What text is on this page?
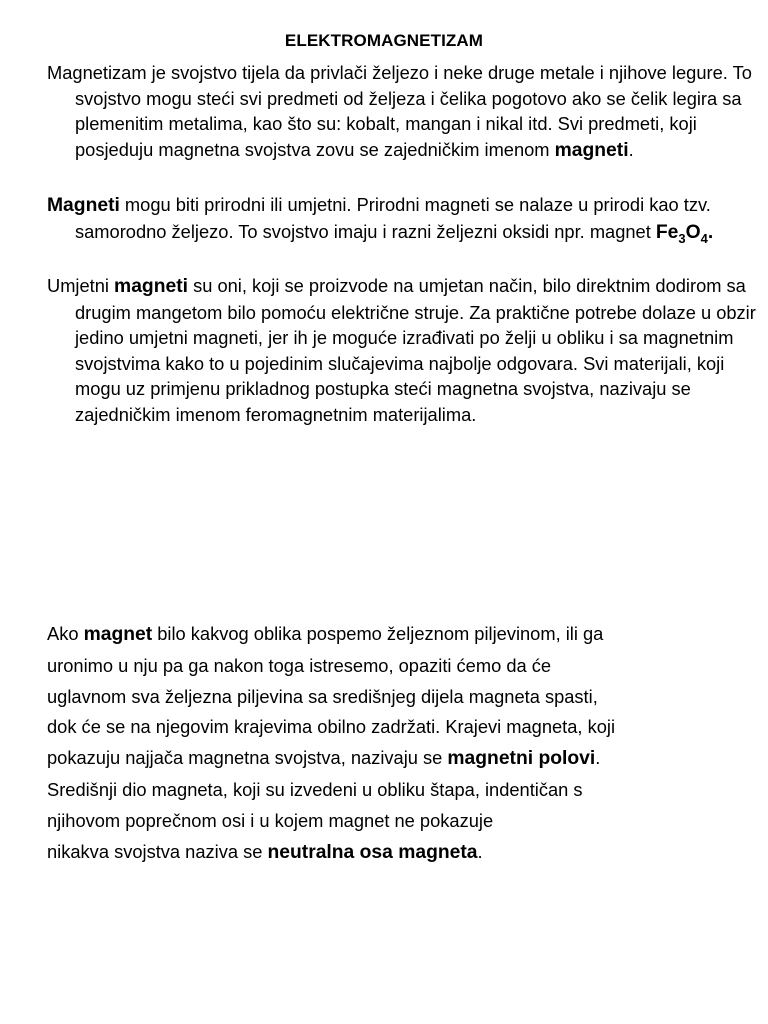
ELEKTROMAGNETIZAM

Magnetizam je svojstvo tijela da privlači željezo i neke druge metale i njihove legure. To svojstvo mogu steći svi predmeti od željeza i čelika pogotovo ako se čelik legira sa plemenitim metalima, kao što su: kobalt, mangan i nikal itd. Svi predmeti, koji posjeduju magnetna svojstva zovu se zajedničkim imenom magneti.

Magneti mogu biti prirodni ili umjetni. Prirodni magneti se nalaze u prirodi kao tzv. samorodno željezo. To svojstvo imaju i razni željezni oksidi npr. magnet $Fe_3O_4$.

Umjetni magneti su oni, koji se proizvode na umjetan način, bilo direktnim dodirom sa drugim mangetom bilo pomoću električne struje. Za praktične potrebe dolaze u obzir jedino umjetni magneti, jer ih je moguće izrađivati po želji u obliku i sa magnetnim svojstvima kako to u pojedinim slučajevima najbolje odgovara. Svi materijali, koji mogu uz primjenu prikladnog postupka steći magnetna svojstva, nazivaju se zajedničkim imenom feromagnetnim materijalima.

Ako magnet bilo kakvog oblika pospemo željeznom piljevinom, ili ga
uronimo u nju pa ga nakon toga istresemo, opaziti ćemo da će
uglavnom sva željezna piljevina sa središnjeg dijela magneta spasti,
dok će se na njegovim krajevima obilno zadržati. Krajevi magneta, koji
pokazuju najjača magnetna svojstva, nazivaju se magnetni polovi.
Središnji dio magneta, koji su izvedeni u obliku štapa, indentičan s
njihovom poprečnom osi i u kojem magnet ne pokazuje
nikakva svojstva naziva se neutralna osa magneta.
